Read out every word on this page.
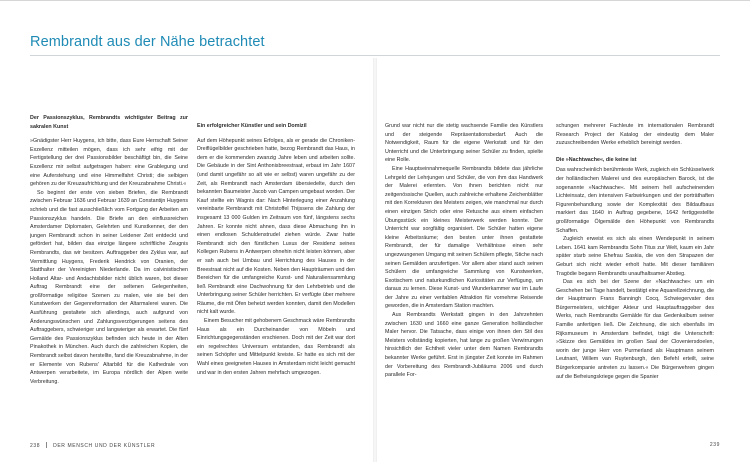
Rembrandt aus der Nähe betrachtet

Der Passionszyklus, Rembrandts wichtigster Beitrag zur sakralen Kunst

»Gnädigster Herr Huygens, ich bitte, dass Eure Herrschaft Seiner Exzellenz mitteilen mögen, dass ich sehr eifrig mit der Fertigstellung der drei Passionsbilder beschäftigt bin, die Seine Exzellenz mir selbst aufgetragen haben: eine Grablegung und eine Auferstehung und eine Himmelfahrt Christi; die selbigen gehören zu der Kreuzaufrichtung und der Kreuzabnahme Christi.«

So beginnt der erste von sieben Briefen, die Rembrandt zwischen Februar 1636 und Februar 1639 an Constantijn Huygens schrieb und die fast ausschließlich vom Fortgang der Arbeiten am Passionszyklus handeln. Die Briefe an den einflussreichen Amsterdamer Diplomaten, Gelehrten und Kunstkenner, der den jungen Rembrandt schon in seiner Leidener Zeit entdeckt und gefördert hat, bilden das einzige längere schriftliche Zeugnis Rembrandts, das wir besitzen. Auftraggeber des Zyklus war, auf Vermittlung Huygens, Frederik Hendrick von Oranien, der Statthalter der Vereinigten Niederlande. Da im calvinistischen Holland Altar- und Andachtsbilder nicht üblich waren, bot dieser Auftrag Rembrandt eine der seltenen Gelegenheiten, großformatige religiöse Szenen zu malen, wie sie bei den Kunstwerken der Gegenreformation der Altarmalerei waren. Die Ausführung gestaltete sich allerdings, auch aufgrund von Änderungswünschen und Zahlungsverzögerungen seitens des Auftraggebers, schwieriger und langwieriger als erwartet. Die fünf Gemälde des Passionszyklus befinden sich heute in der Alten Pinakothek in München. Auch durch die zahlreichen Kopien, die Rembrandt selbst davon herstellte, fand die Kreuzabnahme, in der er Elemente von Rubens' Altarbild für die Kathedrale von Antwerpen verarbeitete, im Europa nördlich der Alpen weite Verbreitung.

Ein erfolgreicher Künstler und sein Domizil

Auf dem Höhepunkt seines Erfolges, als er gerade die Chroniken-Dreiflügelbilder geschrieben hatte, bezog Rembrandt das Haus, in dem er die kommenden zwanzig Jahre leben und arbeiten sollte. Die Gebäude in der Sint Anthonisbreestraat, erbaut im Jahr 1607 (und damit ungefähr so alt wie er selbst) waren ungefähr zu der Zeit, als Rembrandt nach Amsterdam übersiedelte, durch den bekannten Baumeister Jacob van Campen umgebaut worden. Der Kauf stellte ein Wagnis dar: Nach Hinterlegung einer Anzahlung vereinbarte Rembrandt mit Christoffel Thijssens die Zahlung der insgesamt 13 000 Gulden im Zeitraum von fünf, längstens sechs Jahren. Er konnte nicht ahnen, dass diese Abmachung ihn in einen endlosen Schuldenstrudel ziehen würde. Zwar hatte Rembrandt sich den fürstlichen Luxus der Residenz seines Kollegen Rubens in Antwerpen ohnehin nicht leisten können, aber er sah auch bei Umbau und Herrichtung des Hauses in der Breestraat nicht auf die Kosten. Neben den Haupträumen und den Bereichen für die umfangreiche Kunst- und Naturaliensammlung ließ Rembrandt eine Dachwohnung für den Lehrbetrieb und die Unterbringung seiner Schüler herrichten. Er verfügte über mehrere Räume, die mit Öfen beheizt werden konnten, damit den Modellen nicht kalt wurde.

Einem Besucher mit gehobenem Geschmack wäre Rembrandts Haus als ein Durcheinander von Möbeln und Einrichtungsgegenständen erschienen. Doch mit der Zeit war dort ein regelrechtes Universum entstanden, das Rembrandt als seinen Schöpfer und Mittelpunkt kreiste. Er hatte es sich mit der Wahl eines geeigneten Hauses in Amsterdam nicht leicht gemacht und war in den ersten Jahren mehrfach umgezogen.

Grund war nicht nur die stetig wachsende Familie des Künstlers und der steigende Repräsentationsbedarf. Auch die Notwendigkeit, Raum für die eigene Werkstatt und für den Unterricht und die Unterbringung seiner Schüler zu finden, spielte eine Rolle.

Eine Hauptseinnahmequelle Rembrandts bildete das jährliche Lehrgeld der Lehrjungen und Schüler, die von ihm das Handwerk der Malerei erlernten. Von ihnen berichten nicht nur zeitgenössische Quellen, auch zahlreiche erhaltene Zeichenblätter mit den Korrekturen des Meisters zeigen, wie manchmal nur durch einen einzigen Strich oder eine Retusche aus einem einfachen Übungsstück ein kleines Meisterwerk werden konnte. Der Unterricht war sorgfältig organisiert. Die Schüler hatten eigene kleine Arbeitsräume; den besten unter ihnen gestattete Rembrandt, der für damalige Verhältnisse einen sehr ungezwungenen Umgang mit seinen Schülern pflegte, Stiche nach seinen Gemälden anzufertigen. Vor allem aber stand auch seinen Schülern die umfangreiche Sammlung von Kunstwerken, Exotischem und naturkundlichen Kuriositäten zur Verfügung, um daraus zu lernen. Diese Kunst- und Wunderkammer war im Laufe der Jahre zu einer veritablen Attraktion für vornehme Reisende geworden, die in Amsterdam Station machten.

Aus Rembrandts Werkstatt gingen in den Jahrzehnten zwischen 1630 und 1660 eine ganze Generation holländischer Maler hervor. Die Tatsache, dass einige von ihnen den Stil des Meisters vollständig kopierten, hat lange zu großen Verwirrungen hinsichtlich der Echtheit vieler unter dem Namen Rembrandts bekannter Werke geführt. Erst in jüngster Zeit konnte im Rahmen der Vorbereitung des Rembrandt-Jubiläums 2006 und durch parallele For-

schungen mehrerer Fachleute im internationalen Rembrandt Research Project der Katalog der eindeutig dem Maler zuzuschreibenden Werke erheblich bereinigt werden.

Die »Nachtwache«, die keine ist

Das wahrscheinlich berühmteste Werk, zugleich ein Schlüsselwerk der holländischen Malerei und des europäischen Barock, ist die sogenannte »Nachtwache«. Mit seinem hell aufscheinenden Lichteinsatz, den intensiven Farbwirkungen und der porträthaften Figurenbehandlung sowie der Komplexität des Bildaufbaus markiert das 1640 in Auftrag gegebene, 1642 fertiggestellte großformatige Ölgemälde den Höhepunkt von Rembrandts Schaffen.

Zugleich erweist es sich als einen Wendepunkt in seinem Leben. 1641 kam Rembrandts Sohn Titus zur Welt, kaum ein Jahr später starb seine Ehefrau Saskia, die von den Strapazen der Geburt sich nicht wieder erholt hatte. Mit dieser familiären Tragödie begann Rembrandts unaufhaltsamer Abstieg.

Das es sich bei der Szene der »Nachtwache« um ein Geschehen bei Tage handelt, bestätigt eine Aquarellzeichnung, die der Hauptmann Frans Banningh Cocq, Schwiegervater des Bürgermeisters, wichtiger Akteur und Hauptauftraggeber des Werks, nach Rembrandts Gemälde für das Gedenkalbum seiner Familie anfertigen ließ. Die Zeichnung, die sich ebenfalls im Rijksmuseum in Amsterdam befindet, trägt die Unterschrift: »Skizze des Gemäldes im großen Saal der Cloveniersdoelen, worin der junge Herr von Purmerland als Hauptmann seinem Leutnant, Willem van Ruytenburgh, den Befehl erteilt, seine Bürgerkompanie antreten zu lassen.« Die Bürgerwehren gingen auf die Befreiungskriege gegen die Spanier

238	DER MENSCH UND DER KÜNSTLER	239
